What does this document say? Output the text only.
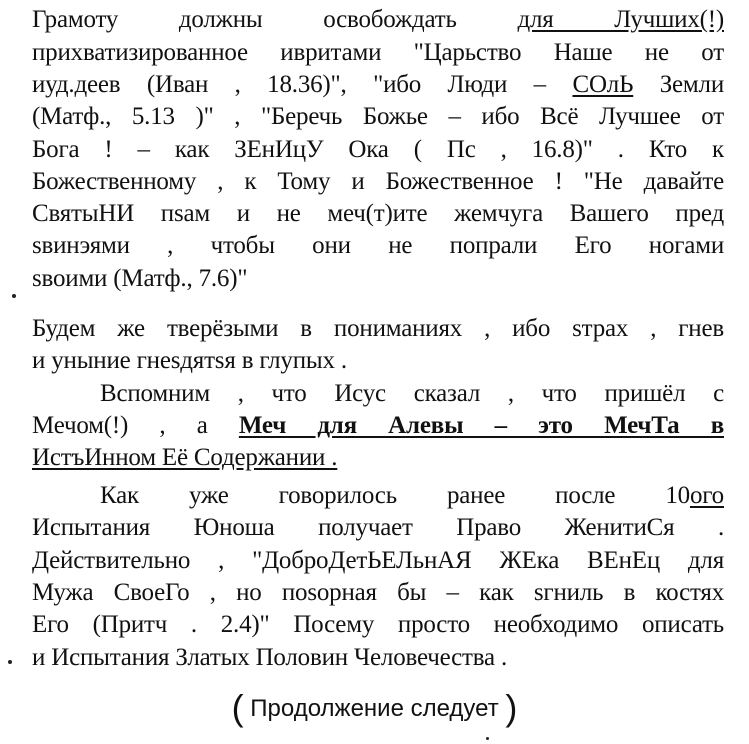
Грамоту должны освобождать для Лучших(!)
прихватизированное ивритами "Царьство Наше не от
иуд.деев (Иван , 18.36)", "ибо Люди – СОлЬ Земли
(Матф., 5.13 )" , "Беречь Божье – ибо Всё Лучшее от
Бога ! – как ЗЕнИцУ Ока ( Пс , 16.8)" . Кто к
Божественному , к Тому и Божественное ! "Не давайте
СвятыНИ пsам и не меч(т)ите жемчуга Вашего пред
sвинэями , чтобы они не попрали Его ногами
sвоими (Матф., 7.6)"
Будем же тверёзыми в пониманиях , ибо sтрах , гнев
и уныние гнеsдятsя в глупых .
Вспомним , что Исус сказал , что пришёл с
Мечом(!) , а Меч для Алевы – это МечТа в
ИстъИнном Её Содержании .
Как уже говорилось ранее после 10ого
Испытания Юноша получает Право ЖенитиСя .
Действительно , "ДоброДетЬЕЛьнАЯ ЖЕка ВЕнЕц для
Мужа СвоеГо , но поsорная бы – как sгниль в костях
Его (Притч . 2.4)" Посему просто необходимо описать
и Испытания Златых Половин Человечества .
( Продолжение следует )
